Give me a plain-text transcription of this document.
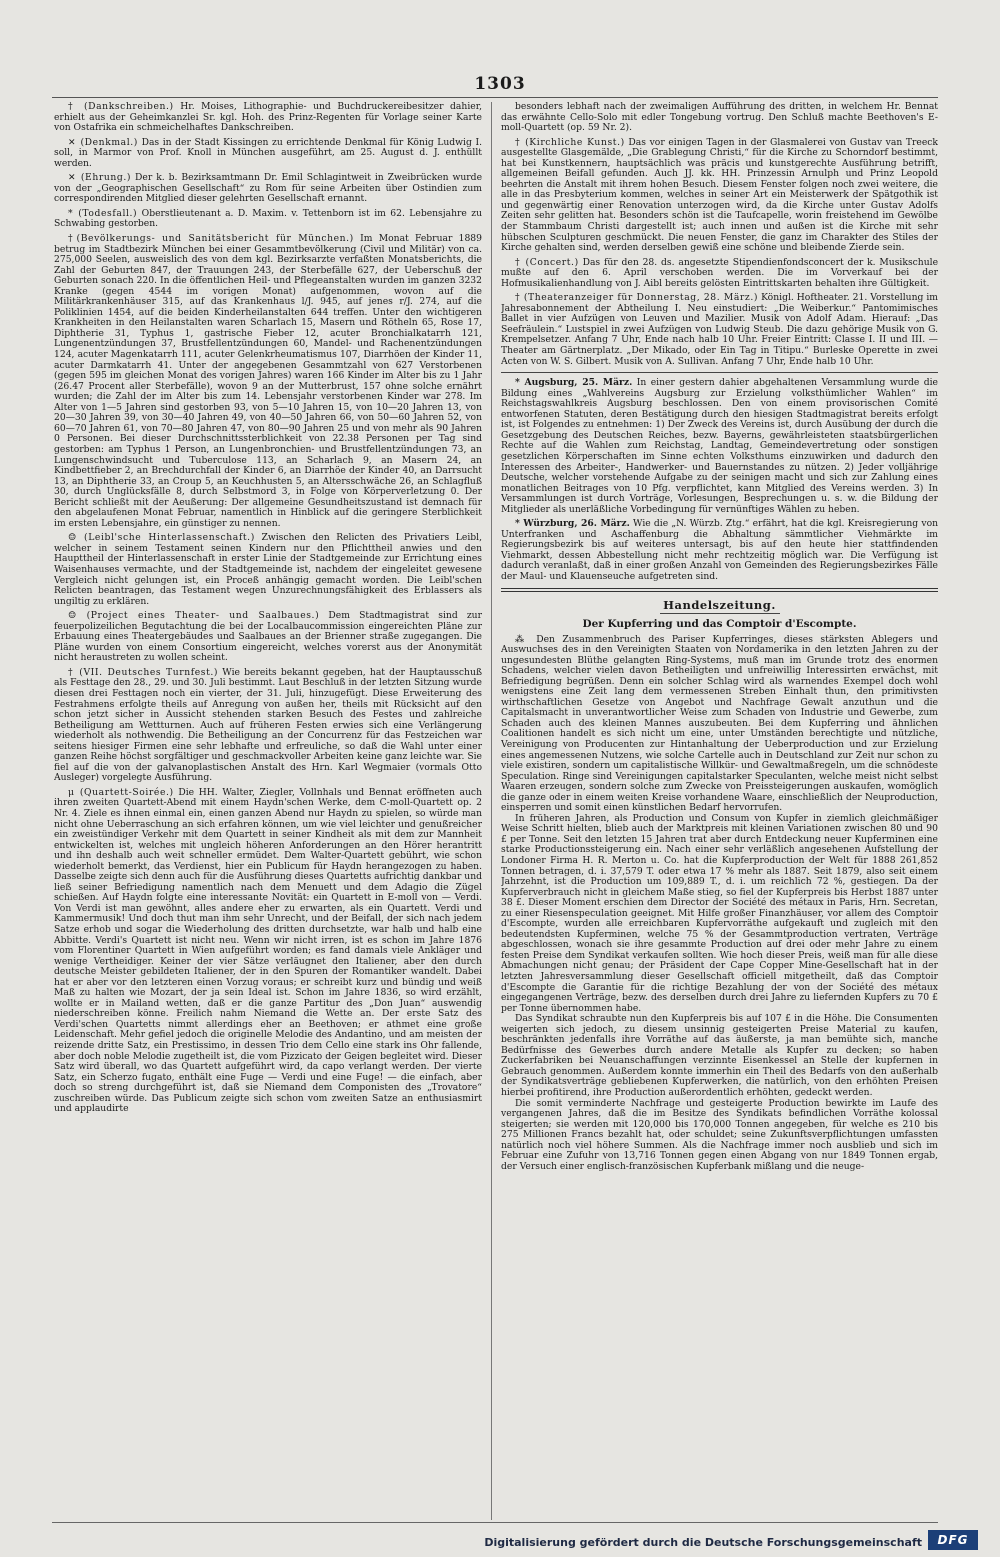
1303

† (Dankschreiben.) Hr. Moises, Lithographie- und Buchdruckereibesitzer dahier, erhielt aus der Geheimkanzlei Sr. kgl. Hoh. des Prinz-Regenten für Vorlage seiner Karte von Ostafrika ein schmeichelhaftes Dankschreiben.

✕ (Denkmal.) Das in der Stadt Kissingen zu errichtende Denkmal für König Ludwig I. soll, in Marmor von Prof. Knoll in München ausgeführt, am 25. August d. J. enthüllt werden.

✕ (Ehrung.) Der k. b. Bezirksamtmann Dr. Emil Schlagintweit in Zweibrücken wurde von der „Geographischen Gesellschaft“ zu Rom für seine Arbeiten über Ostindien zum correspondirenden Mitglied dieser gelehrten Gesellschaft ernannt.

* (Todesfall.) Oberstlieutenant a. D. Maxim. v. Tettenborn ist im 62. Lebensjahre zu Schwabing gestorben.

†(Bevölkerungs- und Sanitätsbericht für München.) Im Monat Februar 1889 betrug im Stadtbezirk München bei einer Gesammtbevölkerung (Civil und Militär) von ca. 275,000 Seelen, ausweislich des von dem kgl. Bezirksarzte verfaßten Monatsberichts, die Zahl der Geburten 847, der Trauungen 243, der Sterbefälle 627, der Ueberschuß der Geburten sonach 220. In die öffentlichen Heil- und Pflegeanstalten wurden im ganzen 3232 Kranke (gegen 4544 im vorigen Monat) aufgenommen, wovon auf die Militärkrankenhäuser 315, auf das Krankenhaus l/J. 945, auf jenes r/J. 274, auf die Poliklinien 1454, auf die beiden Kinderheilanstalten 644 treffen. Unter den wichtigeren Krankheiten in den Heilanstalten waren Scharlach 15, Masern und Rötheln 65, Rose 17, Diphtherie 31, Typhus 1, gastrische Fieber 12, acuter Bronchialkatarrh 121, Lungenentzündungen 37, Brustfellentzündungen 60, Mandel- und Rachenentzündungen 124, acuter Magenkatarrh 111, acuter Gelenkrheumatismus 107, Diarrhöen der Kinder 11, acuter Darmkatarrh 41. Unter der angegebenen Gesammtzahl von 627 Verstorbenen (gegen 595 im gleichen Monat des vorigen Jahres) waren 166 Kinder im Alter bis zu 1 Jahr (26.47 Procent aller Sterbefälle), wovon 9 an der Mutterbrust, 157 ohne solche ernährt wurden; die Zahl der im Alter bis zum 14. Lebensjahr verstorbenen Kinder war 278. Im Alter von 1—5 Jahren sind gestorben 93, von 5—10 Jahren 15, von 10—20 Jahren 13, von 20—30 Jahren 39, von 30—40 Jahren 49, von 40—50 Jahren 66, von 50—60 Jahren 52, von 60—70 Jahren 61, von 70—80 Jahren 47, von 80—90 Jahren 25 und von mehr als 90 Jahren 0 Personen. Bei dieser Durchschnittssterblichkeit von 22.38 Personen per Tag sind gestorben: am Typhus 1 Person, an Lungenbronchien- und Brustfellentzündungen 73, an Lungenschwindsucht und Tuberculose 113, an Scharlach 9, an Masern 24, an Kindbettfieber 2, an Brechdurchfall der Kinder 6, an Diarrhöe der Kinder 40, an Darrsucht 13, an Diphtherie 33, an Croup 5, an Keuchhusten 5, an Altersschwäche 26, an Schlagfluß 30, durch Unglücksfälle 8, durch Selbstmord 3, in Folge von Körperverletzung 0. Der Bericht schließt mit der Aeußerung: Der allgemeine Gesundheitszustand ist demnach für den abgelaufenen Monat Februar, namentlich in Hinblick auf die geringere Sterblichkeit im ersten Lebensjahre, ein günstiger zu nennen.

☺ (Leibl'sche Hinterlassenschaft.) Zwischen den Relicten des Privatiers Leibl, welcher in seinem Testament seinen Kindern nur den Pflichttheil anwies und den Haupttheil der Hinterlassenschaft in erster Linie der Stadtgemeinde zur Errichtung eines Waisenhauses vermachte, und der Stadtgemeinde ist, nachdem der eingeleitet gewesene Vergleich nicht gelungen ist, ein Proceß anhängig gemacht worden. Die Leibl'schen Relicten beantragen, das Testament wegen Unzurechnungsfähigkeit des Erblassers als ungiltig zu erklären.

☺ (Project eines Theater- und Saalbaues.) Dem Stadtmagistrat sind zur feuerpolizeilichen Begutachtung die bei der Localbaucommission eingereichten Pläne zur Erbauung eines Theatergebäudes und Saalbaues an der Brienner straße zugegangen. Die Pläne wurden von einem Consortium eingereicht, welches vorerst aus der Anonymität nicht heraustreten zu wollen scheint.

† (VII. Deutsches Turnfest.) Wie bereits bekannt gegeben, hat der Hauptausschuß als Festtage den 28., 29. und 30. Juli bestimmt. Laut Beschluß in der letzten Sitzung wurde diesen drei Festtagen noch ein vierter, der 31. Juli, hinzugefügt. Diese Erweiterung des Festrahmens erfolgte theils auf Anregung von außen her, theils mit Rücksicht auf den schon jetzt sicher in Aussicht stehenden starken Besuch des Festes und zahlreiche Betheiligung am Wettturnen. Auch auf früheren Festen erwies sich eine Verlängerung wiederholt als nothwendig. Die Betheiligung an der Concurrenz für das Festzeichen war seitens hiesiger Firmen eine sehr lebhafte und erfreuliche, so daß die Wahl unter einer ganzen Reihe höchst sorgfältiger und geschmackvoller Arbeiten keine ganz leichte war. Sie fiel auf die von der galvanoplastischen Anstalt des Hrn. Karl Wegmaier (vormals Otto Ausleger) vorgelegte Ausführung.

μ (Quartett-Soirée.) Die HH. Walter, Ziegler, Vollnhals und Bennat eröffneten auch ihren zweiten Quartett-Abend mit einem Haydn'schen Werke, dem C-moll-Quartett op. 2 Nr. 4. Ziele es ihnen einmal ein, einen ganzen Abend nur Haydn zu spielen, so würde man nicht ohne Ueberraschung an sich erfahren können, um wie viel leichter und genußreicher ein zweistündiger Verkehr mit dem Quartett in seiner Kindheit als mit dem zur Mannheit entwickelten ist, welches mit ungleich höheren Anforderungen an den Hörer herantritt und ihn deshalb auch weit schneller ermüdet. Dem Walter-Quartett gebührt, wie schon wiederholt bemerkt, das Verdienst, hier ein Publicum für Haydn herangezogen zu haben. Dasselbe zeigte sich denn auch für die Ausführung dieses Quartetts aufrichtig dankbar und ließ seiner Befriedigung namentlich nach dem Menuett und dem Adagio die Zügel schießen. Auf Haydn folgte eine interessante Novität: ein Quartett in E-moll von — Verdi. Von Verdi ist man gewöhnt, alles andere eher zu erwarten, als ein Quartett. Verdi und Kammermusik! Und doch thut man ihm sehr Unrecht, und der Beifall, der sich nach jedem Satze erhob und sogar die Wiederholung des dritten durchsetzte, war halb und halb eine Abbitte. Verdi's Quartett ist nicht neu. Wenn wir nicht irren, ist es schon im Jahre 1876 vom Florentiner Quartett in Wien aufgeführt worden; es fand damals viele Ankläger und wenige Vertheidiger. Keiner der vier Sätze verläugnet den Italiener, aber den durch deutsche Meister gebildeten Italiener, der in den Spuren der Romantiker wandelt. Dabei hat er aber vor den letzteren einen Vorzug voraus; er schreibt kurz und bündig und weiß Maß zu halten wie Mozart, der ja sein Ideal ist. Schon im Jahre 1836, so wird erzählt, wollte er in Mailand wetten, daß er die ganze Partitur des „Don Juan“ auswendig niederschreiben könne. Freilich nahm Niemand die Wette an. Der erste Satz des Verdi'schen Quartetts nimmt allerdings eher an Beethoven; er athmet eine große Leidenschaft. Mehr gefiel jedoch die originelle Melodie des Andantino, und am meisten der reizende dritte Satz, ein Prestissimo, in dessen Trio dem Cello eine stark ins Ohr fallende, aber doch noble Melodie zugetheilt ist, die vom Pizzicato der Geigen begleitet wird. Dieser Satz wird überall, wo das Quartett aufgeführt wird, da capo verlangt werden. Der vierte Satz, ein Scherzo fugato, enthält eine Fuge — Verdi und eine Fuge! — die einfach, aber doch so streng durchgeführt ist, daß sie Niemand dem Componisten des „Trovatore“ zuschreiben würde. Das Publicum zeigte sich schon vom zweiten Satze an enthusiasmirt und applaudirte

besonders lebhaft nach der zweimaligen Aufführung des dritten, in welchem Hr. Bennat das erwähnte Cello-Solo mit edler Tongebung vortrug. Den Schluß machte Beethoven's E-moll-Quartett (op. 59 Nr. 2).

† (Kirchliche Kunst.) Das vor einigen Tagen in der Glasmalerei von Gustav van Treeck ausgestellte Glasgemälde, „Die Grablegung Christi,“ für die Kirche zu Schorndorf bestimmt, hat bei Kunstkennern, hauptsächlich was präcis und kunstgerechte Ausführung betrifft, allgemeinen Beifall gefunden. Auch JJ. kk. HH. Prinzessin Arnulph und Prinz Leopold beehrten die Anstalt mit ihrem hohen Besuch. Diesem Fenster folgen noch zwei weitere, die alle in das Presbyterium kommen, welches in seiner Art ein Meisterwerk der Spätgothik ist und gegenwärtig einer Renovation unterzogen wird, da die Kirche unter Gustav Adolfs Zeiten sehr gelitten hat. Besonders schön ist die Taufcapelle, worin freistehend im Gewölbe der Stammbaum Christi dargestellt ist; auch innen und außen ist die Kirche mit sehr hübschen Sculpturen geschmückt. Die neuen Fenster, die ganz im Charakter des Stiles der Kirche gehalten sind, werden derselben gewiß eine schöne und bleibende Zierde sein.

† (Concert.) Das für den 28. ds. angesetzte Stipendienfondsconcert der k. Musikschule mußte auf den 6. April verschoben werden. Die im Vorverkauf bei der Hofmusikalienhandlung von J. Aibl bereits gelösten Eintrittskarten behalten ihre Gültigkeit.

† (Theateranzeiger für Donnerstag, 28. März.) Königl. Hoftheater. 21. Vorstellung im Jahresabonnement der Abtheilung I. Neu einstudiert: „Die Weiberkur.“ Pantomimisches Ballet in vier Aufzügen von Leuven und Mazilier. Musik von Adolf Adam. Hierauf: „Das Seefräulein.“ Lustspiel in zwei Aufzügen von Ludwig Steub. Die dazu gehörige Musik von G. Krempelsetzer. Anfang 7 Uhr, Ende nach halb 10 Uhr. Freier Eintritt: Classe I. II und III. — Theater am Gärtnerplatz. „Der Mikado, oder Ein Tag in Titipu.“ Burleske Operette in zwei Acten von W. S. Gilbert. Musik von A. Sullivan. Anfang 7 Uhr, Ende halb 10 Uhr.

* Augsburg, 25. März. In einer gestern dahier abgehaltenen Versammlung wurde die Bildung eines „Wahlvereins Augsburg zur Erzielung volksthümlicher Wahlen“ im Reichstagswahlkreis Augsburg beschlossen. Den von einem provisorischen Comité entworfenen Statuten, deren Bestätigung durch den hiesigen Stadtmagistrat bereits erfolgt ist, ist Folgendes zu entnehmen: 1) Der Zweck des Vereins ist, durch Ausübung der durch die Gesetzgebung des Deutschen Reiches, bezw. Bayerns, gewährleisteten staatsbürgerlichen Rechte auf die Wahlen zum Reichstag, Landtag, Gemeindevertretung oder sonstigen gesetzlichen Körperschaften im Sinne echten Volksthums einzuwirken und dadurch den Interessen des Arbeiter-, Handwerker- und Bauernstandes zu nützen. 2) Jeder volljährige Deutsche, welcher vorstehende Aufgabe zu der seinigen macht und sich zur Zahlung eines monatlichen Beitrages von 10 Pfg. verpflichtet, kann Mitglied des Vereins werden. 3) In Versammlungen ist durch Vorträge, Vorlesungen, Besprechungen u. s. w. die Bildung der Mitglieder als unerläßliche Vorbedingung für vernünftiges Wählen zu heben.

* Würzburg, 26. März. Wie die „N. Würzb. Ztg.“ erfährt, hat die kgl. Kreisregierung von Unterfranken und Aschaffenburg die Abhaltung sämmtlicher Viehmärkte im Regierungsbezirk bis auf weiteres untersagt, bis auf den heute hier stattfindenden Viehmarkt, dessen Abbestellung nicht mehr rechtzeitig möglich war. Die Verfügung ist dadurch veranlaßt, daß in einer großen Anzahl von Gemeinden des Regierungsbezirkes Fälle der Maul- und Klauenseuche aufgetreten sind.

Handelszeitung.
Der Kupferring und das Comptoir d'Escompte.

⁂ Den Zusammenbruch des Pariser Kupferringes, dieses stärksten Ablegers und Auswuchses des in den Vereinigten Staaten von Nordamerika in den letzten Jahren zu der ungesundesten Blüthe gelangten Ring-Systems, muß man im Grunde trotz des enormen Schadens, welcher vielen davon Betheiligten und unfreiwillig Interessirten erwächst, mit Befriedigung begrüßen. Denn ein solcher Schlag wird als warnendes Exempel doch wohl wenigstens eine Zeit lang dem vermessenen Streben Einhalt thun, den primitivsten wirthschaftlichen Gesetze von Angebot und Nachfrage Gewalt anzuthun und die Capitalsmacht in unverantwortlicher Weise zum Schaden von Industrie und Gewerbe, zum Schaden auch des kleinen Mannes auszubeuten. Bei dem Kupferring und ähnlichen Coalitionen handelt es sich nicht um eine, unter Umständen berechtigte und nützliche, Vereinigung von Producenten zur Hintanhaltung der Ueberproduction und zur Erzielung eines angemessenen Nutzens, wie solche Cartelle auch in Deutschland zur Zeit nur schon zu viele existiren, sondern um capitalistische Willkür- und Gewaltmaßregeln, um die schnödeste Speculation. Ringe sind Vereinigungen capitalstarker Speculanten, welche meist nicht selbst Waaren erzeugen, sondern solche zum Zwecke von Preissteigerungen auskaufen, womöglich die ganze oder in einem weiten Kreise vorhandene Waare, einschließlich der Neuproduction, einsperren und somit einen künstlichen Bedarf hervorrufen.

In früheren Jahren, als Production und Consum von Kupfer in ziemlich gleichmäßiger Weise Schritt hielten, blieb auch der Marktpreis mit kleinen Variationen zwischen 80 und 90 £ per Tonne. Seit den letzten 15 Jahren trat aber durch Entdeckung neuer Kupferminen eine starke Productionssteigerung ein. Nach einer sehr verläßlich angesehenen Aufstellung der Londoner Firma H. R. Merton u. Co. hat die Kupferproduction der Welt für 1888 261,852 Tonnen betragen, d. i. 37,579 T. oder etwa 17 % mehr als 1887. Seit 1879, also seit einem Jahrzehnt, ist die Production um 109,889 T., d. i. um reichlich 72 %, gestiegen. Da der Kupferverbrauch nicht in gleichem Maße stieg, so fiel der Kupferpreis bis Herbst 1887 unter 38 £. Dieser Moment erschien dem Director der Société des métaux in Paris, Hrn. Secretan, zu einer Riesenspeculation geeignet. Mit Hilfe großer Finanzhäuser, vor allem des Comptoir d'Escompte, wurden alle erreichbaren Kupfervorräthe aufgekauft und zugleich mit den bedeutendsten Kupferminen, welche 75 % der Gesammtproduction vertraten, Verträge abgeschlossen, wonach sie ihre gesammte Production auf drei oder mehr Jahre zu einem festen Preise dem Syndikat verkaufen sollten. Wie hoch dieser Preis, weiß man für alle diese Abmachungen nicht genau; der Präsident der Cape Copper Mine-Gesellschaft hat in der letzten Jahresversammlung dieser Gesellschaft officiell mitgetheilt, daß das Comptoir d'Escompte die Garantie für die richtige Bezahlung der von der Société des métaux eingegangenen Verträge, bezw. des derselben durch drei Jahre zu liefernden Kupfers zu 70 £ per Tonne übernommen habe.

Das Syndikat schraubte nun den Kupferpreis bis auf 107 £ in die Höhe. Die Consumenten weigerten sich jedoch, zu diesem unsinnig gesteigerten Preise Material zu kaufen, beschränkten jedenfalls ihre Vorräthe auf das äußerste, ja man bemühte sich, manche Bedürfnisse des Gewerbes durch andere Metalle als Kupfer zu decken; so haben Zuckerfabriken bei Neuanschaffungen verzinnte Eisenkessel an Stelle der kupfernen in Gebrauch genommen. Außerdem konnte immerhin ein Theil des Bedarfs von den außerhalb der Syndikatsverträge gebliebenen Kupferwerken, die natürlich, von den erhöhten Preisen hierbei profitirend, ihre Production außerordentlich erhöhten, gedeckt werden.

Die somit verminderte Nachfrage und gesteigerte Production bewirkte im Laufe des vergangenen Jahres, daß die im Besitze des Syndikats befindlichen Vorräthe kolossal steigerten; sie werden mit 120,000 bis 170,000 Tonnen angegeben, für welche es 210 bis 275 Millionen Francs bezahlt hat, oder schuldet; seine Zukunftsverpflichtungen umfassten natürlich noch viel höhere Summen. Als die Nachfrage immer noch ausblieb und sich im Februar eine Zufuhr von 13,716 Tonnen gegen einen Abgang von nur 1849 Tonnen ergab, der Versuch einer englisch-französischen Kupferbank mißlang und die neuge-

Digitalisierung gefördert durch die Deutsche Forschungsgemeinschaft	DFG
